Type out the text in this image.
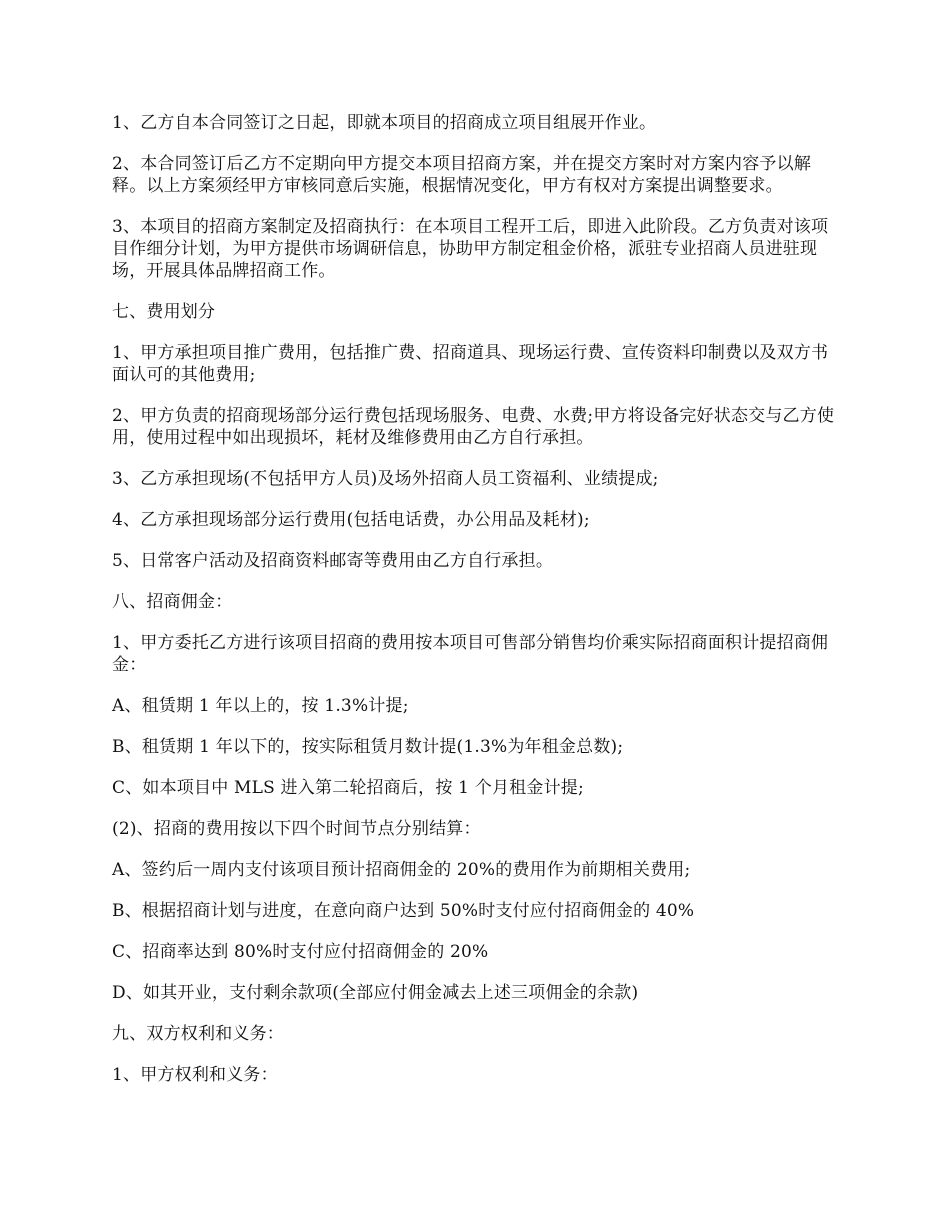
1、乙方自本合同签订之日起，即就本项目的招商成立项目组展开作业。

2、本合同签订后乙方不定期向甲方提交本项目招商方案，并在提交方案时对方案内容予以解释。以上方案须经甲方审核同意后实施，根据情况变化，甲方有权对方案提出调整要求。

3、本项目的招商方案制定及招商执行：在本项目工程开工后，即进入此阶段。乙方负责对该项目作细分计划，为甲方提供市场调研信息，协助甲方制定租金价格，派驻专业招商人员进驻现场，开展具体品牌招商工作。

七、费用划分

1、甲方承担项目推广费用，包括推广费、招商道具、现场运行费、宣传资料印制费以及双方书面认可的其他费用;

2、甲方负责的招商现场部分运行费包括现场服务、电费、水费;甲方将设备完好状态交与乙方使用，使用过程中如出现损坏，耗材及维修费用由乙方自行承担。

3、乙方承担现场(不包括甲方人员)及场外招商人员工资福利、业绩提成;

4、乙方承担现场部分运行费用(包括电话费，办公用品及耗材);

5、日常客户活动及招商资料邮寄等费用由乙方自行承担。

八、招商佣金：

1、甲方委托乙方进行该项目招商的费用按本项目可售部分销售均价乘实际招商面积计提招商佣金：

A、租赁期 1 年以上的，按 1.3%计提;

B、租赁期 1 年以下的，按实际租赁月数计提(1.3%为年租金总数);

C、如本项目中 MLS 进入第二轮招商后，按 1 个月租金计提;

(2)、招商的费用按以下四个时间节点分别结算：

A、签约后一周内支付该项目预计招商佣金的 20%的费用作为前期相关费用;

B、根据招商计划与进度，在意向商户达到 50%时支付应付招商佣金的 40%

C、招商率达到 80%时支付应付招商佣金的 20%

D、如其开业，支付剩余款项(全部应付佣金减去上述三项佣金的余款)

九、双方权利和义务：

1、甲方权利和义务：
